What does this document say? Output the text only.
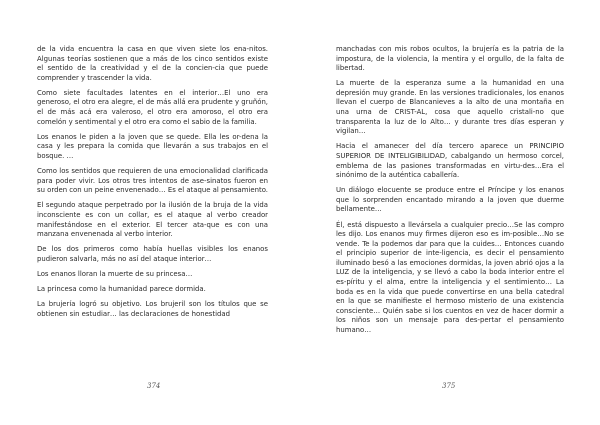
de la vida encuentra la casa en que viven siete los ena-nitos. Algunas teorías sostienen que a más de los cinco sentidos existe el sentido de la creatividad y el de la concien-cia que puede comprender y trascender la vida.

Como siete facultades latentes en el interior…El uno era generoso, el otro era alegre, el de más allá era prudente y gruñón, el de más acá era valeroso, el otro era amoroso, el otro era comelón y sentimental y el otro era como el sabio de la familia.

Los enanos le piden a la joven que se quede. Ella les or-dena la casa y les prepara la comida que llevarán a sus trabajos en el bosque. …

Como los sentidos que requieren de una emocionalidad clarificada para poder vivir. Los otros tres intentos de ase-sinatos fueron en su orden con un peine envenenado… Es el ataque al pensamiento.

El segundo ataque perpetrado por la ilusión de la bruja de la vida inconsciente es con un collar, es el ataque al verbo creador manifestándose en el exterior. El tercer ata-que es con una manzana envenenada al verbo interior.

De los dos primeros como había huellas visibles los enanos pudieron salvarla, más no así del ataque interior…

Los enanos lloran la muerte de su princesa…

La princesa como la humanidad parece dormida.

La brujería logró su objetivo. Los brujeril son los títulos que se obtienen sin estudiar… las declaraciones de honestidad

374

manchadas con mis robos ocultos, la brujería es la patria de la impostura, de la violencia, la mentira y el orgullo, de la falta de libertad.

La muerte de la esperanza sume a la humanidad en una depresión muy grande. En las versiones tradicionales, los enanos llevan el cuerpo de Blancanieves a la alto de una montaña en una urna de CRIST-AL, cosa que aquello cristali-no que transparenta la luz de lo Alto… y durante tres días esperan y vigilan…

Hacia el amanecer del día tercero aparece un PRINCIPIO SUPERIOR DE INTELIGIBILIDAD, cabalgando un hermoso corcel, emblema de las pasiones transformadas en virtu-des…Era el sinónimo de la auténtica caballería.

Un diálogo elocuente se produce entre el Príncipe y los enanos que lo sorprenden encantado mirando a la joven que duerme bellamente…

Él, está dispuesto a llevársela a cualquier precio…Se las compro les dijo. Los enanos muy firmes dijeron eso es im-posible…No se vende. Te la podemos dar para que la cuides… Entonces cuando el principio superior de inte-ligencia, es decir el pensamiento iluminado besó a las emociones dormidas, la joven abrió ojos a la LUZ de la inteligencia, y se llevó a cabo la boda interior entre el es-píritu y el alma, entre la inteligencia y el sentimiento… La boda es en la vida que puede convertirse en una bella catedral en la que se manifieste el hermoso misterio de una existencia consciente… Quién sabe si los cuentos en vez de hacer dormir a los niños son un mensaje para des-pertar el pensamiento humano…

375
